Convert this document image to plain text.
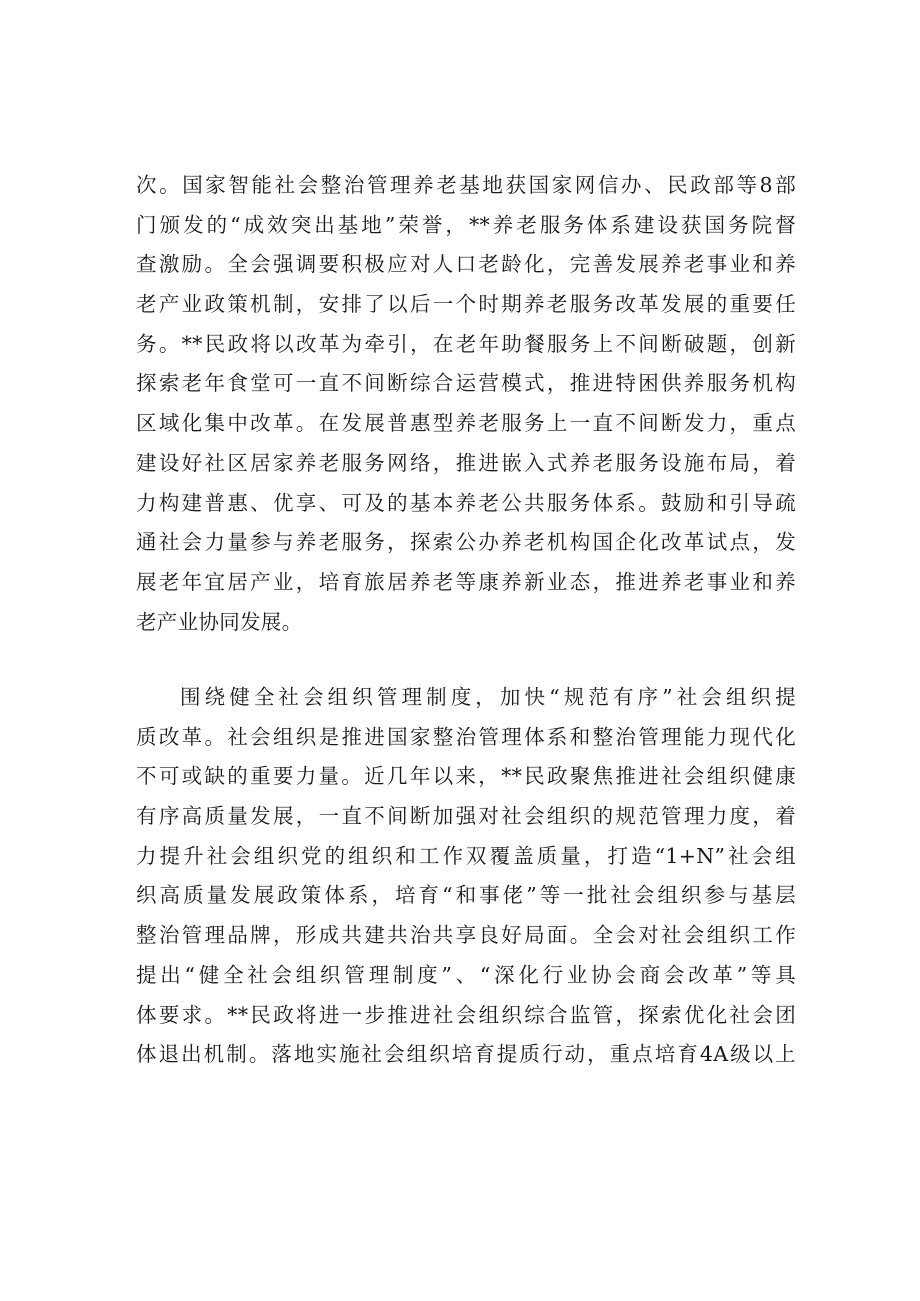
次。国家智能社会整治管理养老基地获国家网信办、民政部等8部
门颁发的“成效突出基地”荣誉，**养老服务体系建设获国务院督
查激励。全会强调要积极应对人口老龄化，完善发展养老事业和养
老产业政策机制，安排了以后一个时期养老服务改革发展的重要任
务。**民政将以改革为牵引，在老年助餐服务上不间断破题，创新
探索老年食堂可一直不间断综合运营模式，推进特困供养服务机构
区域化集中改革。在发展普惠型养老服务上一直不间断发力，重点
建设好社区居家养老服务网络，推进嵌入式养老服务设施布局，着
力构建普惠、优享、可及的基本养老公共服务体系。鼓励和引导疏
通社会力量参与养老服务，探索公办养老机构国企化改革试点，发
展老年宜居产业，培育旅居养老等康养新业态，推进养老事业和养
老产业协同发展。
围绕健全社会组织管理制度，加快“规范有序”社会组织提
质改革。社会组织是推进国家整治管理体系和整治管理能力现代化
不可或缺的重要力量。近几年以来，**民政聚焦推进社会组织健康
有序高质量发展，一直不间断加强对社会组织的规范管理力度，着
力提升社会组织党的组织和工作双覆盖质量，打造“1+N”社会组
织高质量发展政策体系，培育“和事佬”等一批社会组织参与基层
整治管理品牌，形成共建共治共享良好局面。全会对社会组织工作
提出“健全社会组织管理制度”、“深化行业协会商会改革”等具
体要求。**民政将进一步推进社会组织综合监管，探索优化社会团
体退出机制。落地实施社会组织培育提质行动，重点培育4A级以上
